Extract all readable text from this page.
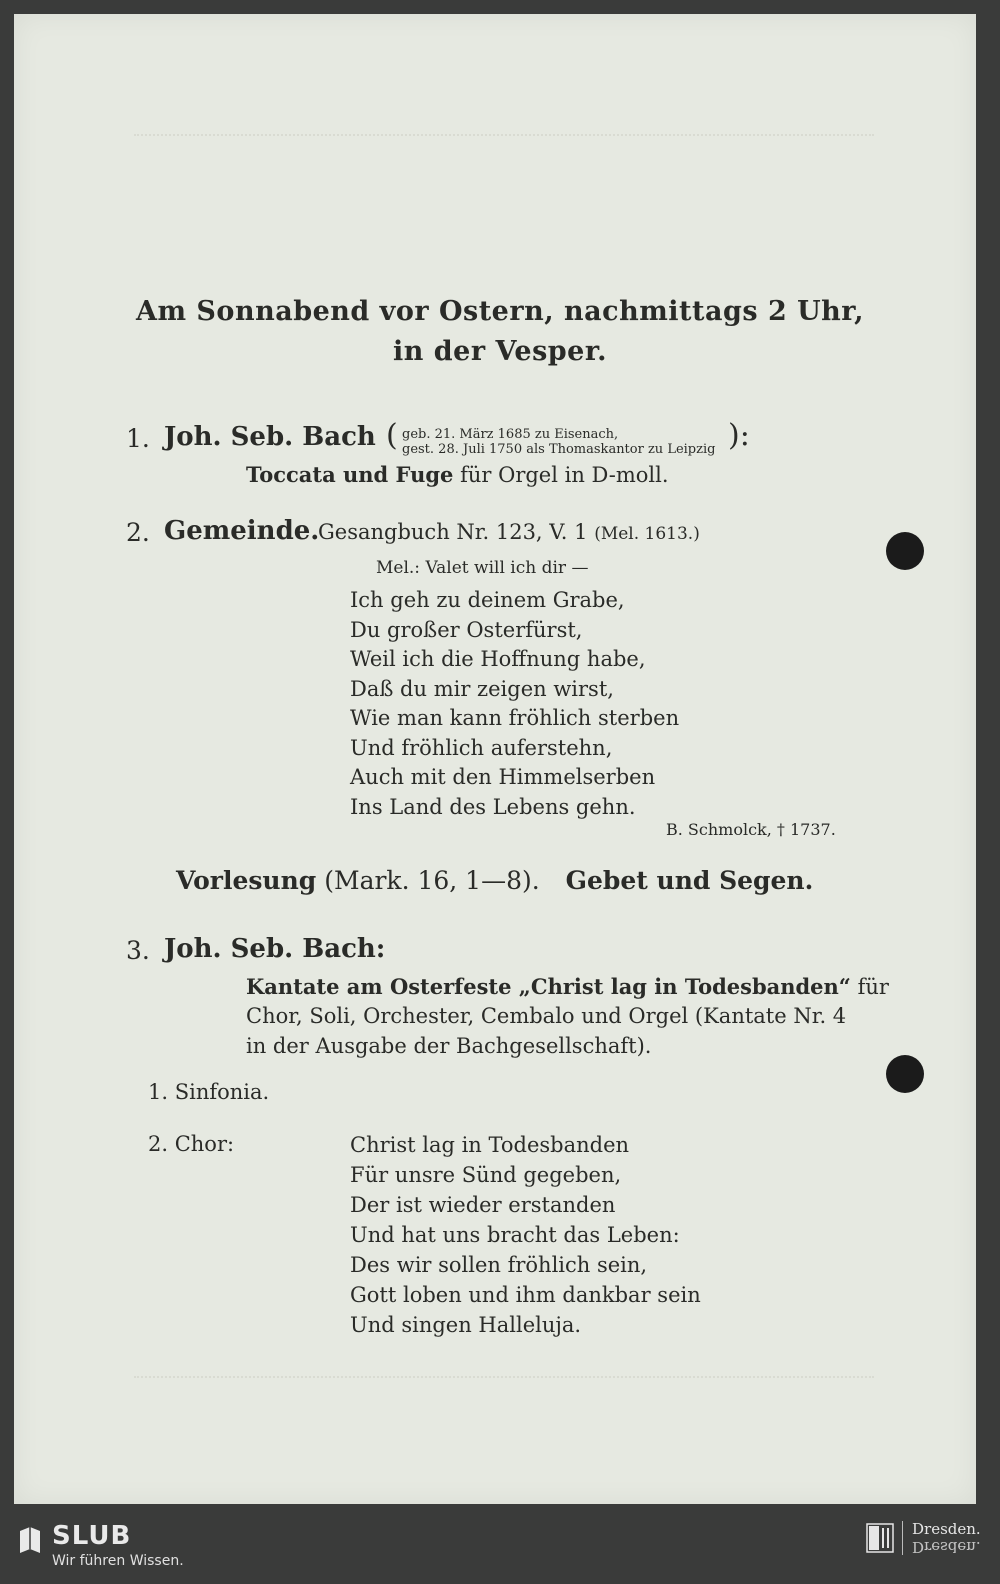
Am Sonnabend vor Ostern, nachmittags 2 Uhr,
in der Vesper.
1. Joh. Seb. Bach ( geb. 21. März 1685 zu Eisenach,
gest. 28. Juli 1750 als Thomaskantor zu Leipzig ):
Toccata und Fuge für Orgel in D-moll.
2. Gemeinde.
Gesangbuch Nr. 123, V. 1 (Mel. 1613.)
Mel.: Valet will ich dir —
Ich geh zu deinem Grabe,
Du großer Osterfürst,
Weil ich die Hoffnung habe,
Daß du mir zeigen wirst,
Wie man kann fröhlich sterben
Und fröhlich auferstehn,
Auch mit den Himmelserben
Ins Land des Lebens gehn.
B. Schmolck, † 1737.
Vorlesung (Mark. 16, 1—8). Gebet und Segen.
3. Joh. Seb. Bach:
Kantate am Osterfeste „Christ lag in Todesbanden“ für
Chor, Soli, Orchester, Cembalo und Orgel (Kantate Nr. 4
in der Ausgabe der Bachgesellschaft).
1. Sinfonia.
2. Chor:	Christ lag in Todesbanden
Für unsre Sünd gegeben,
Der ist wieder erstanden
Und hat uns bracht das Leben:
Des wir sollen fröhlich sein,
Gott loben und ihm dankbar sein
Und singen Halleluja.
SLUB
Wir führen Wissen.
Dresden.
Dresden.
